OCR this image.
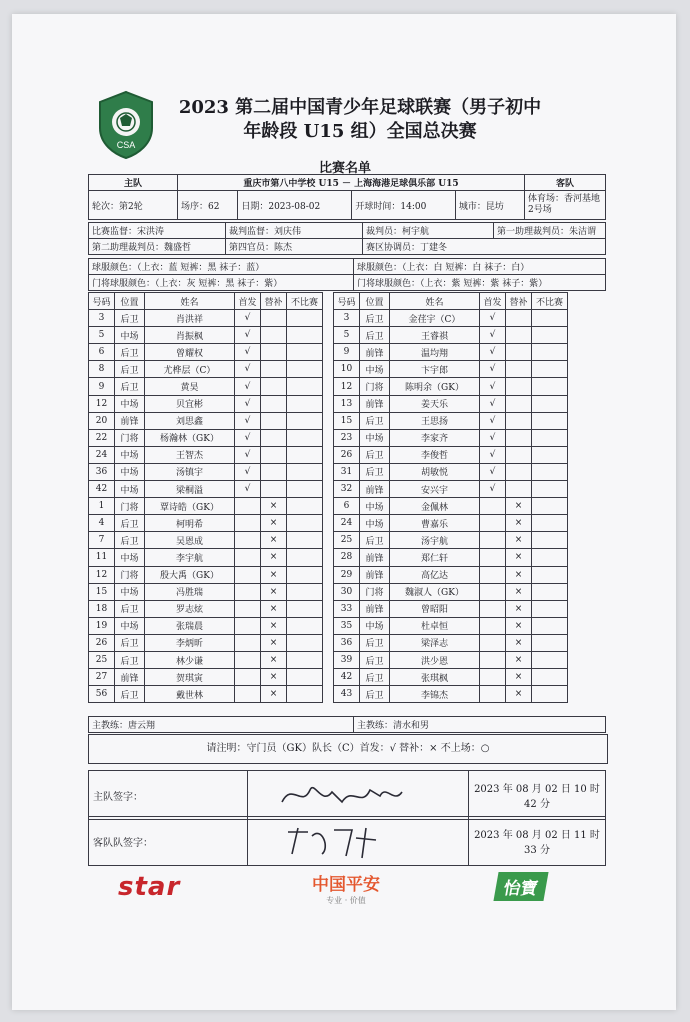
CSA
2023 第二届中国青少年足球联赛（男子初中
年龄段 U15 组）全国总决赛
比赛名单
主队	重庆市第八中学校 U15 － 上海海港足球俱乐部 U15				客队
轮次：第2轮	场序：62	日期：2023-08-02	开球时间：14:00	城市：昆坊	体育场：香河基地2号场
比赛监督：宋洪涛	裁判监督：刘庆伟	裁判员：柯宇航	第一助理裁判员：朱洁谓
第二助理裁判员：魏盛哲	第四官员：陈杰	赛区协调员：丁建冬	
球服颜色：（上衣：蓝 短裤：黑 袜子：蓝）	球服颜色：（上衣：白 短裤：白 袜子：白）
门将球服颜色：（上衣：灰 短裤：黑 袜子：紫）	门将球服颜色：（上衣：紫 短裤：紫 袜子：紫）
号码	位置	姓名	首发	替补	不比赛		号码	位置	姓名	首发	替补	不比赛
3	后卫	肖洪祥	√				3	后卫	金荏宇（C）	√		
5	中场	肖振枫	√				5	后卫	王睿祺	√		
6	后卫	曾耀权	√				9	前锋	温均翔	√		
8	后卫	尤桦层（C）	√				10	中场	卞宇郎	√		
9	后卫	黄昊	√				12	门将	陈明余（GK）	√		
12	中场	贝宜彬	√				13	前锋	姜天乐	√		
20	前锋	刘思鑫	√				15	后卫	王思扬	√		
22	门将	杨瀚林（GK）	√				23	中场	李家齐	√		
24	中场	王智杰	√				26	后卫	李俊哲	√		
36	中场	汤镇宇	√				31	后卫	胡敏悦	√		
42	中场	梁桐溢	√				32	前锋	安兴宇	√		
1	门将	覃诗皓（GK）		×			6	中场	金佩林		×	
4	后卫	柯明希		×			24	中场	曹嘉乐		×	
7	后卫	吴恩成		×			25	后卫	汤宇航		×	
11	中场	李宇航		×			28	前锋	郑仁轩		×	
12	门将	殷大禹（GK）		×			29	前锋	高亿达		×	
15	中场	冯胜瑞		×			30	门将	魏淑人（GK）		×	
18	后卫	罗志炫		×			33	前锋	曾昭阳		×	
19	中场	张瑞晨		×			35	中场	杜卓恒		×	
26	后卫	李炳昕		×			36	后卫	梁泽志		×	
25	后卫	林少谦		×			39	后卫	洪少恩		×	
27	前锋	贺琪寅		×			42	后卫	张琪枫		×	
56	后卫	戴世林		×			43	后卫	李锦杰		×	
主教练：唐云翔	主教练：清水和男
请注明：守门员（GK）队长（C）首发：√ 替补：× 不上场：○
主队签字：		2023 年 08 月 02 日 10 时 42 分
客队队签字：		2023 年 08 月 02 日 11 时 33 分
star	中国平安
专业 · 价值
怡寶
